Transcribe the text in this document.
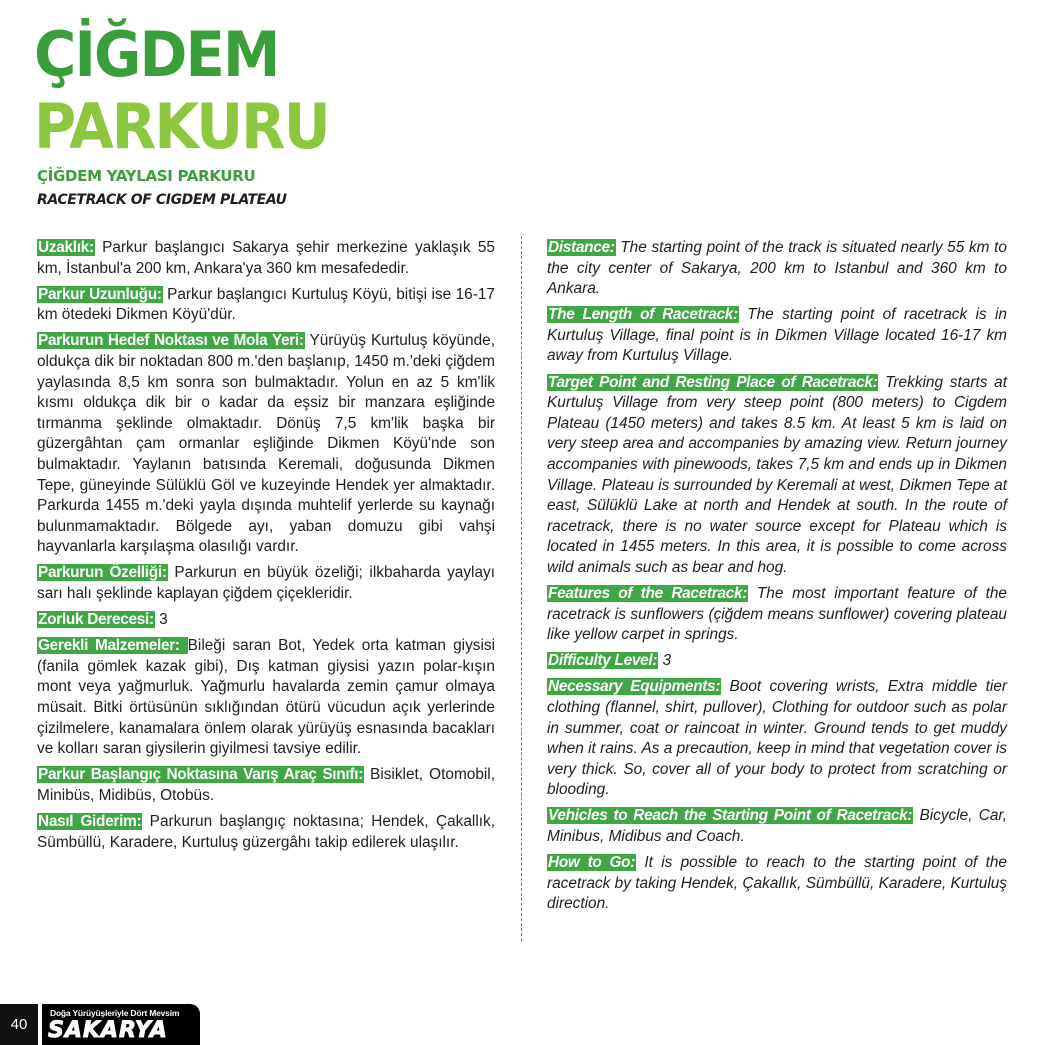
ÇİĞDEM
PARKURU
ÇİĞDEM YAYLASI PARKURU
RACETRACK OF CIGDEM PLATEAU

Uzaklık: Parkur başlangıcı Sakarya şehir merkezine yaklaşık 55 km, İstanbul'a 200 km, Ankara'ya 360 km mesafededir.

Parkur Uzunluğu: Parkur başlangıcı Kurtuluş Köyü, bitişi ise 16-17 km ötedeki Dikmen Köyü'dür.

Parkurun Hedef Noktası ve Mola Yeri: Yürüyüş Kurtuluş köyünde, oldukça dik bir noktadan 800 m.'den başlanıp, 1450 m.'deki çiğdem yaylasında 8,5 km sonra son bulmaktadır. Yolun en az 5 km'lik kısmı oldukça dik bir o kadar da eşsiz bir manzara eşliğinde tırmanma şeklinde olmaktadır. Dönüş 7,5 km'lik başka bir güzergâhtan çam ormanlar eşliğinde Dikmen Köyü'nde son bulmaktadır. Yaylanın batısında Keremali, doğusunda Dikmen Tepe, güneyinde Sülüklü Göl ve kuzeyinde Hendek yer almaktadır. Parkurda 1455 m.'deki yayla dışında muhtelif yerlerde su kaynağı bulunmamaktadır. Bölgede ayı, yaban domuzu gibi vahşi hayvanlarla karşılaşma olasılığı vardır.

Parkurun Özelliği: Parkurun en büyük özeliği; ilkbaharda yaylayı sarı halı şeklinde kaplayan çiğdem çiçekleridir.

Zorluk Derecesi: 3

Gerekli Malzemeler: Bileği saran Bot, Yedek orta katman giysisi (fanila gömlek kazak gibi), Dış katman giysisi yazın polar-kışın mont veya yağmurluk. Yağmurlu havalarda zemin çamur olmaya müsait. Bitki örtüsünün sıklığından ötürü vücudun açık yerlerinde çizilmelere, kanamalara önlem olarak yürüyüş esnasında bacakları ve kolları saran giysilerin giyilmesi tavsiye edilir.

Parkur Başlangıç Noktasına Varış Araç Sınıfı: Bisiklet, Otomobil, Minibüs, Midibüs, Otobüs.

Nasıl Giderim: Parkurun başlangıç noktasına; Hendek, Çakallık, Sümbüllü, Karadere, Kurtuluş güzergâhı takip edilerek ulaşılır.

Distance: The starting point of the track is situated nearly 55 km to the city center of Sakarya, 200 km to Istanbul and 360 km to Ankara.

The Length of Racetrack: The starting point of racetrack is in Kurtuluş Village, final point is in Dikmen Village located 16-17 km away from Kurtuluş Village.

Target Point and Resting Place of Racetrack: Trekking starts at Kurtuluş Village from very steep point (800 meters) to Cigdem Plateau (1450 meters) and takes 8.5 km. At least 5 km is laid on very steep area and accompanies by amazing view. Return journey accompanies with pinewoods, takes 7,5 km and ends up in Dikmen Village. Plateau is surrounded by Keremali at west, Dikmen Tepe at east, Sülüklü Lake at north and Hendek at south. In the route of racetrack, there is no water source except for Plateau which is located in 1455 meters. In this area, it is possible to come across wild animals such as bear and hog.

Features of the Racetrack: The most important feature of the racetrack is sunflowers (çiğdem means sunflower) covering plateau like yellow carpet in springs.

Difficulty Level: 3

Necessary Equipments: Boot covering wrists, Extra middle tier clothing (flannel, shirt, pullover), Clothing for outdoor such as polar in summer, coat or raincoat in winter. Ground tends to get muddy when it rains. As a precaution, keep in mind that vegetation cover is very thick. So, cover all of your body to protect from scratching or blooding.

Vehicles to Reach the Starting Point of Racetrack: Bicycle, Car, Minibus, Midibus and Coach.

How to Go: It is possible to reach to the starting point of the racetrack by taking Hendek, Çakallık, Sümbüllü, Karadere, Kurtuluş direction.

40
Doğa Yürüyüşleriyle Dört Mevsim
SAKARYA
